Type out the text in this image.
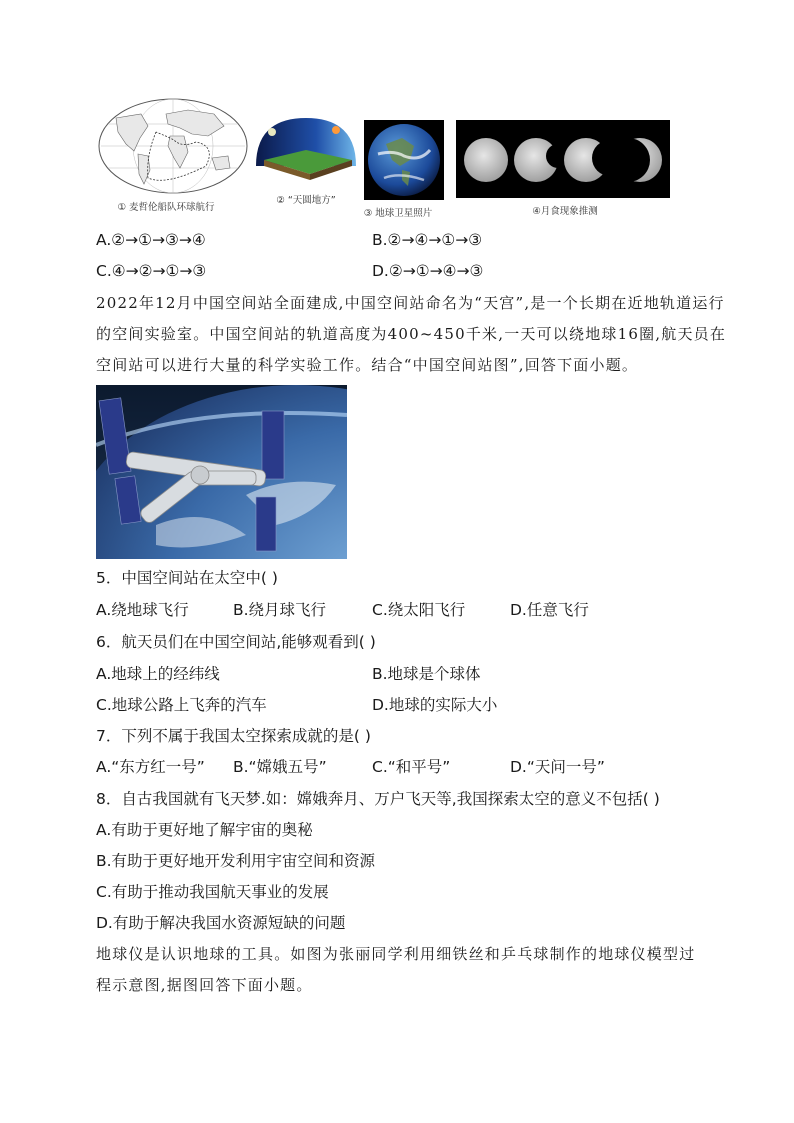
① 麦哲伦船队环球航行
② “天圆地方”
③ 地球卫星照片	④月食现象推测
A.②→①→③→④	B.②→④→①→③
C.④→②→①→③	D.②→①→④→③
2022年12月中国空间站全面建成,中国空间站命名为“天宫”,是一个长期在近地轨道运行
的空间实验室。中国空间站的轨道高度为400~450千米,一天可以绕地球16圈,航天员在
空间站可以进行大量的科学实验工作。结合“中国空间站图”,回答下面小题。
5．中国空间站在太空中( )
A.绕地球飞行	B.绕月球飞行	C.绕太阳飞行	D.任意飞行
6．航天员们在中国空间站,能够观看到( )
A.地球上的经纬线	B.地球是个球体
C.地球公路上飞奔的汽车	D.地球的实际大小
7．下列不属于我国太空探索成就的是( )
A.“东方红一号” B.“嫦娥五号”	C.“和平号”	D.“天问一号”
8．自古我国就有飞天梦.如：嫦娥奔月、万户飞天等,我国探索太空的意义不包括( )
A.有助于更好地了解宇宙的奥秘
B.有助于更好地开发利用宇宙空间和资源
C.有助于推动我国航天事业的发展
D.有助于解决我国水资源短缺的问题
地球仪是认识地球的工具。如图为张丽同学利用细铁丝和乒乓球制作的地球仪模型过
程示意图,据图回答下面小题。
